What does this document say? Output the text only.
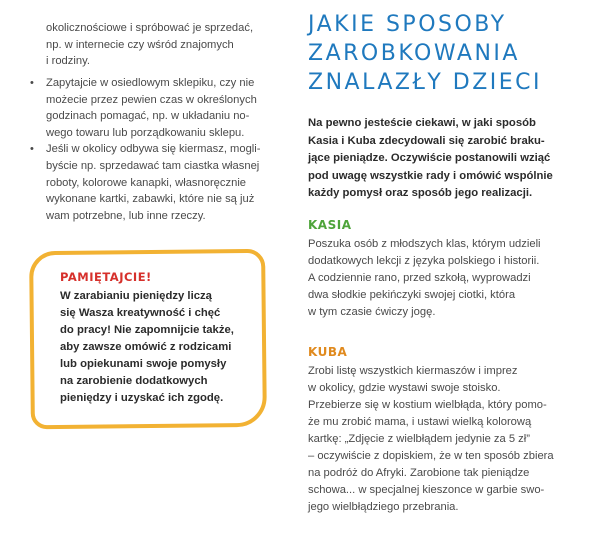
okolicznościowe i spróbować je sprzedać,
np. w internecie czy wśród znajomych
i rodziny.
• Zapytajcie w osiedlowym sklepiku, czy nie
możecie przez pewien czas w określonych
godzinach pomagać, np. w układaniu no-
wego towaru lub porządkowaniu sklepu.
• Jeśli w okolicy odbywa się kiermasz, mogli-
byście np. sprzedawać tam ciastka własnej
roboty, kolorowe kanapki, własnoręcznie
wykonane kartki, zabawki, które nie są już
wam potrzebne, lub inne rzeczy.
PAMIĘTAJCIE!
W zarabianiu pieniędzy liczą
się Wasza kreatywność i chęć
do pracy! Nie zapomnijcie także,
aby zawsze omówić z rodzicami
lub opiekunami swoje pomysły
na zarobienie dodatkowych
pieniędzy i uzyskać ich zgodę.
JAKIE SPOSOBY
ZAROBKOWANIA
ZNALAZŁY DZIECI
Na pewno jesteście ciekawi, w jaki sposób
Kasia i Kuba zdecydowali się zarobić braku-
jące pieniądze. Oczywiście postanowili wziąć
pod uwagę wszystkie rady i omówić wspólnie
każdy pomysł oraz sposób jego realizacji.
KASIA
Poszuka osób z młodszych klas, którym udzieli
dodatkowych lekcji z języka polskiego i historii.
A codziennie rano, przed szkołą, wyprowadzi
dwa słodkie pekińczyki swojej ciotki, która
w tym czasie ćwiczy jogę.
KUBA
Zrobi listę wszystkich kiermaszów i imprez
w okolicy, gdzie wystawi swoje stoisko.
Przebierze się w kostium wielbłąda, który pomo-
że mu zrobić mama, i ustawi wielką kolorową
kartkę: „Zdjęcie z wielbłądem jedynie za 5 zł”
– oczywiście z dopiskiem, że w ten sposób zbiera
na podróż do Afryki. Zarobione tak pieniądze
schowa... w specjalnej kieszonce w garbie swo-
jego wielbłądziego przebrania.
